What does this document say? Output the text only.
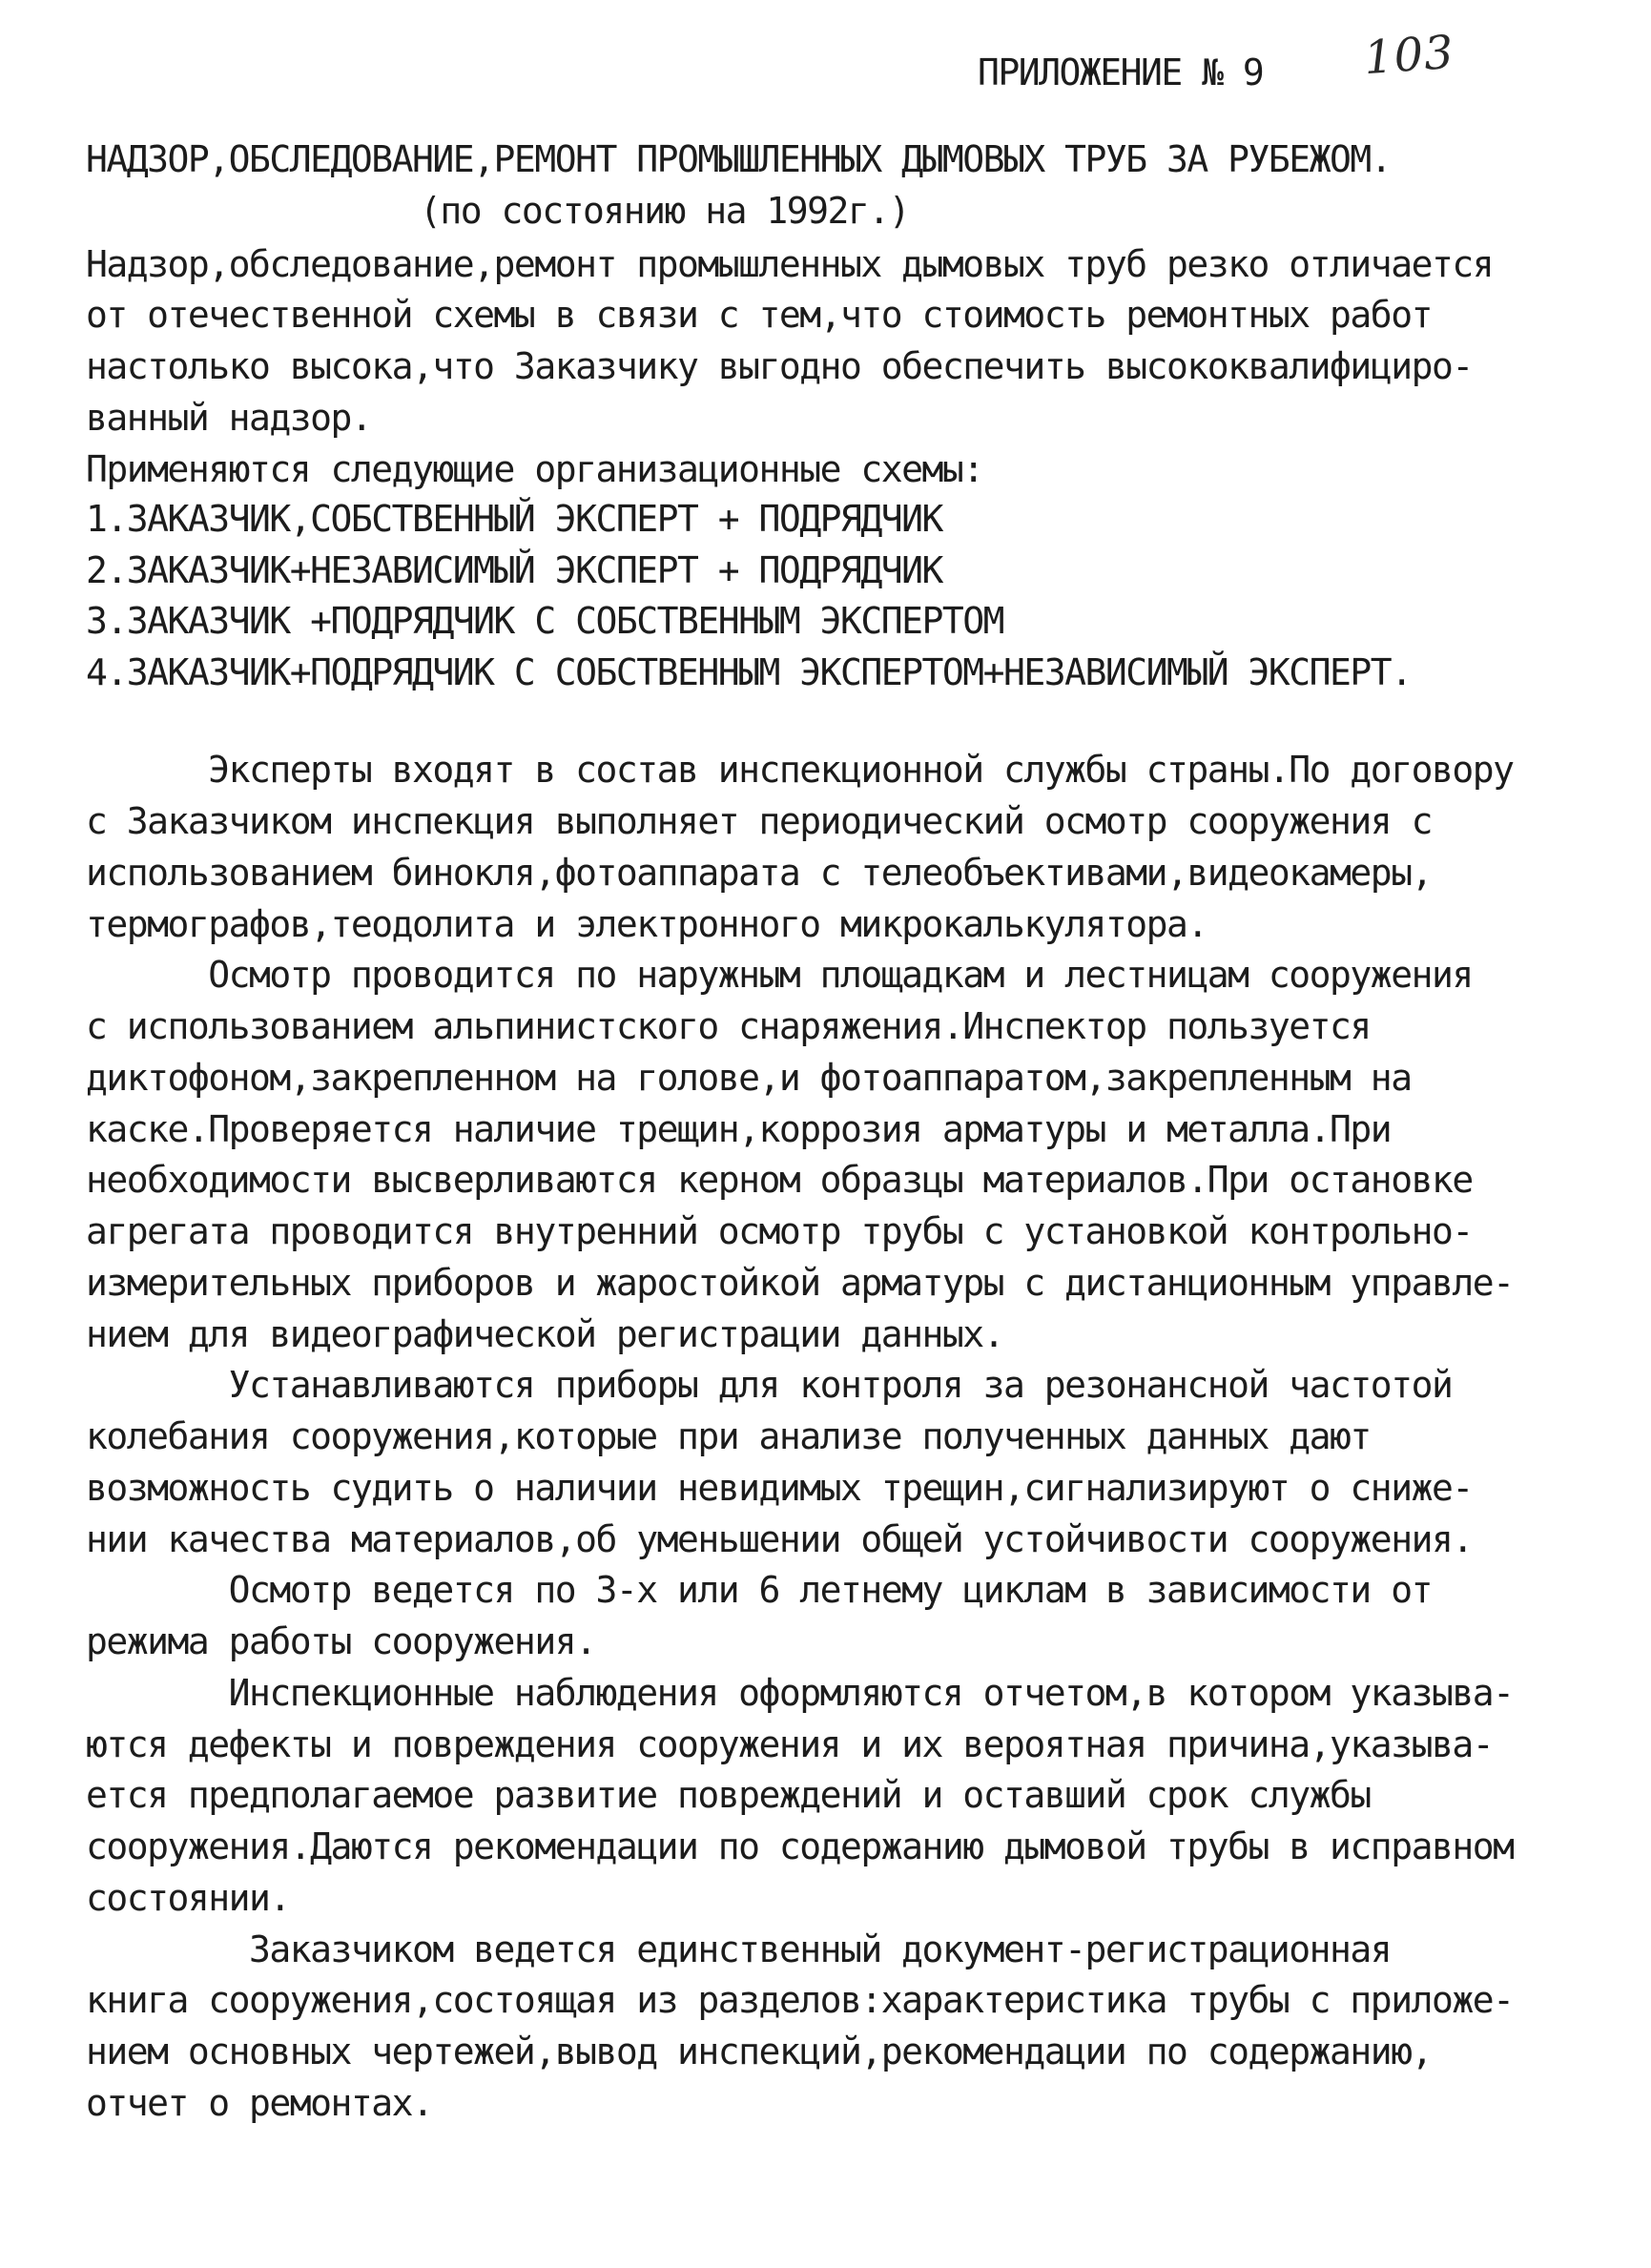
ПРИЛОЖЕНИЕ № 9 103
НАДЗОР,ОБСЛЕДОВАНИЕ,РЕМОНТ ПРОМЫШЛЕННЫХ ДЫМОВЫХ ТРУБ ЗА РУБЕЖОМ.
(по состоянию на 1992г.)
Надзор,обследование,ремонт промышленных дымовых труб резко отличается
от отечественной схемы в связи с тем,что стоимость ремонтных работ
настолько высока,что Заказчику выгодно обеспечить высококвалифициро-
ванный надзор.
Применяются следующие организационные схемы:
1.ЗАКАЗЧИК,СОБСТВЕННЫЙ ЭКСПЕРТ + ПОДРЯДЧИК
2.ЗАКАЗЧИК+НЕЗАВИСИМЫЙ ЭКСПЕРТ + ПОДРЯДЧИК
3.ЗАКАЗЧИК +ПОДРЯДЧИК С СОБСТВЕННЫМ ЭКСПЕРТОМ
4.ЗАКАЗЧИК+ПОДРЯДЧИК С СОБСТВЕННЫМ ЭКСПЕРТОМ+НЕЗАВИСИМЫЙ ЭКСПЕРТ.
Эксперты входят в состав инспекционной службы страны.По договору
с Заказчиком инспекция выполняет периодический осмотр сооружения с
использованием бинокля,фотоаппарата с телеобъективами,видеокамеры,
термографов,теодолита и электронного микрокалькулятора.
Осмотр проводится по наружным площадкам и лестницам сооружения
с использованием альпинистского снаряжения.Инспектор пользуется
диктофоном,закрепленном на голове,и фотоаппаратом,закрепленным на
каске.Проверяется наличие трещин,коррозия арматуры и металла.При
необходимости высверливаются керном образцы материалов.При остановке
агрегата проводится внутренний осмотр трубы с установкой контрольно-
измерительных приборов и жаростойкой арматуры с дистанционным управле-
нием для видеографической регистрации данных.
Устанавливаются приборы для контроля за резонансной частотой
колебания сооружения,которые при анализе полученных данных дают
возможность судить о наличии невидимых трещин,сигнализируют о сниже-
нии качества материалов,об уменьшении общей устойчивости сооружения.
Осмотр ведется по 3-х или 6 летнему циклам в зависимости от
режима работы сооружения.
Инспекционные наблюдения оформляются отчетом,в котором указыва-
ются дефекты и повреждения сооружения и их вероятная причина,указыва-
ется предполагаемое развитие повреждений и оставший срок службы
сооружения.Даются рекомендации по содержанию дымовой трубы в исправном
состоянии.
Заказчиком ведется единственный документ-регистрационная
книга сооружения,состоящая из разделов:характеристика трубы с приложе-
нием основных чертежей,вывод инспекций,рекомендации по содержанию,
отчет о ремонтах.
